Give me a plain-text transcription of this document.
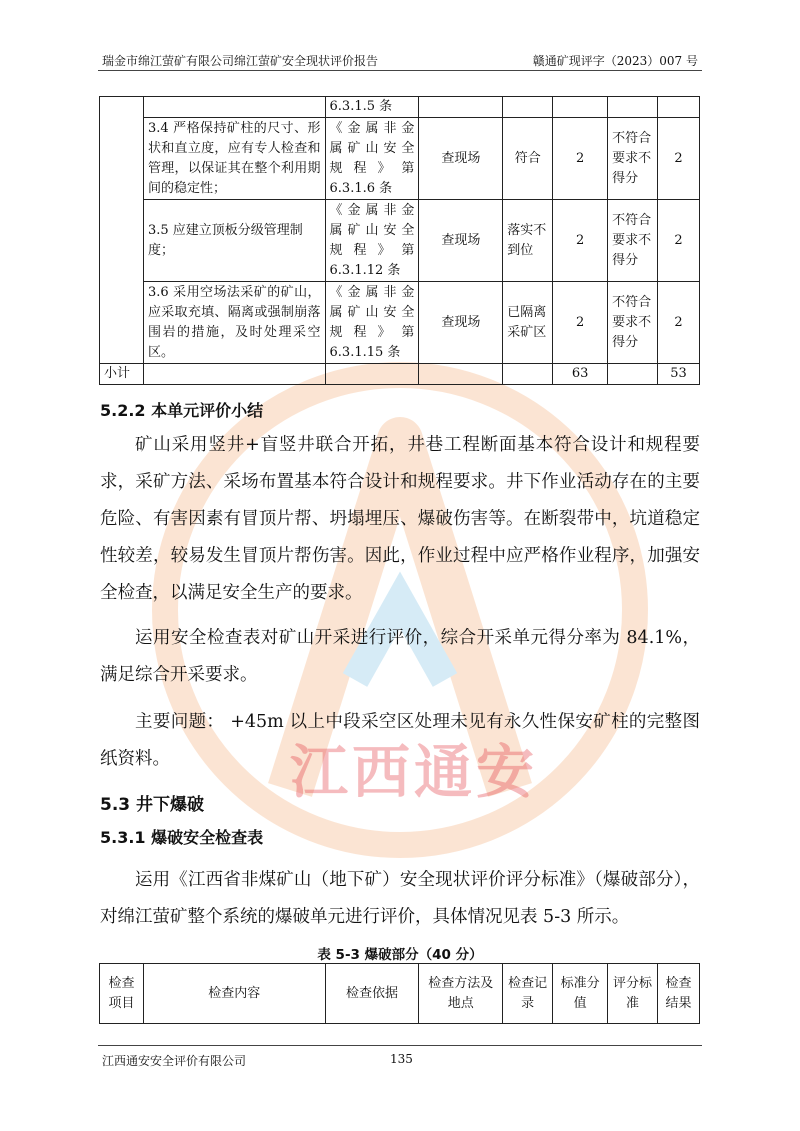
江西通安
瑞金市绵江萤矿有限公司绵江萤矿安全现状评价报告	赣通矿现评字（2023）007 号
		6.3.1.5 条					
	3.4 严格保持矿柱的尺寸、形状和直立度，应有专人检查和管理，以保证其在整个利用期间的稳定性；	《金属非金
属矿山安全
规 程 》 第
6.3.1.6 条	查现场	符合	2	不符合要求不得分	2
	3.5 应建立顶板分级管理制度；	《金属非金
属矿山安全
规 程 》 第
6.3.1.12 条	查现场	落实不到位	2	不符合要求不得分	2
	3.6 采用空场法采矿的矿山，应采取充填、隔离或强制崩落围岩的措施，及时处理采空区。	《金属非金
属矿山安全
规 程 》 第
6.3.1.15 条	查现场	已隔离采矿区	2	不符合要求不得分	2
小计					63		53
5.2.2 本单元评价小结

矿山采用竖井+盲竖井联合开拓，井巷工程断面基本符合设计和规程要求，采矿方法、采场布置基本符合设计和规程要求。井下作业活动存在的主要危险、有害因素有冒顶片帮、坍塌埋压、爆破伤害等。在断裂带中，坑道稳定性较差，较易发生冒顶片帮伤害。因此，作业过程中应严格作业程序，加强安全检查，以满足安全生产的要求。

运用安全检查表对矿山开采进行评价，综合开采单元得分率为 84.1%，满足综合开采要求。

主要问题： +45m 以上中段采空区处理未见有永久性保安矿柱的完整图纸资料。

5.3 井下爆破
5.3.1 爆破安全检查表

运用《江西省非煤矿山（地下矿）安全现状评价评分标准》（爆破部分），对绵江萤矿整个系统的爆破单元进行评价，具体情况见表 5-3 所示。

表 5-3 爆破部分（40 分）
检查项目	检查内容	检查依据	检查方法及地点	检查记录	标准分值	评分标准	检查结果
江西通安安全评价有限公司	135
